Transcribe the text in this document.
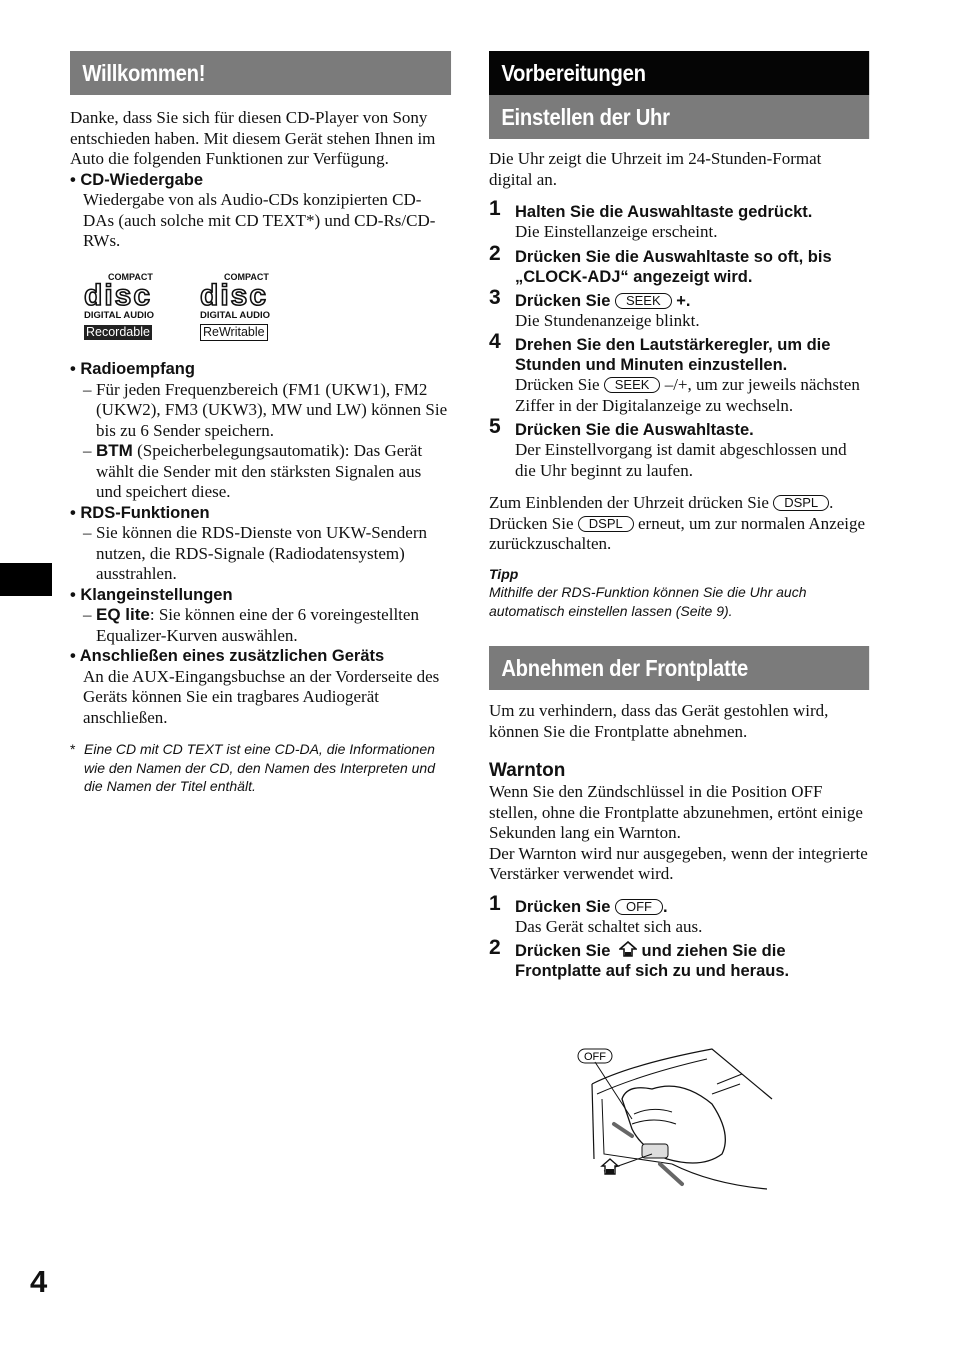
Willkommen!

Danke, dass Sie sich für diesen CD-Player von Sony entschieden haben. Mit diesem Gerät stehen Ihnen im Auto die folgenden Funktionen zur Verfügung.

• CD-Wiedergabe

Wiedergabe von als Audio-CDs konzipierten CD-DAs (auch solche mit CD TEXT*) und CD-Rs/CD-RWs.

COMPACT
disc
DIGITAL AUDIO
Recordable
COMPACT
disc
DIGITAL AUDIO
ReWritable
• Radioempfang

– Für jeden Frequenzbereich (FM1 (UKW1), FM2 (UKW2), FM3 (UKW3), MW und LW) können Sie bis zu 6 Sender speichern.

– BTM (Speicherbelegungsautomatik): Das Gerät wählt die Sender mit den stärksten Signalen aus und speichert diese.

• RDS-Funktionen

– Sie können die RDS-Dienste von UKW-Sendern nutzen, die RDS-Signale (Radiodatensystem) ausstrahlen.

• Klangeinstellungen

– EQ lite: Sie können eine der 6 voreingestellten Equalizer-Kurven auswählen.

• Anschließen eines zusätzlichen Geräts

An die AUX-Eingangsbuchse an der Vorderseite des Geräts können Sie ein tragbares Audiogerät anschließen.

* Eine CD mit CD TEXT ist eine CD-DA, die Informationen wie den Namen der CD, den Namen des Interpreten und die Namen der Titel enthält.
Vorbereitungen
Einstellen der Uhr

Die Uhr zeigt die Uhrzeit im 24-Stunden-Format digital an.

1 Halten Sie die Auswahltaste gedrückt.

Die Einstellanzeige erscheint.

2 Drücken Sie die Auswahltaste so oft, bis „CLOCK-ADJ“ angezeigt wird.
3 Drücken Sie SEEK +.

Die Stundenanzeige blinkt.

4 Drehen Sie den Lautstärkeregler, um die Stunden und Minuten einzustellen.

Drücken Sie SEEK –/+, um zur jeweils nächsten Ziffer in der Digitalanzeige zu wechseln.

5 Drücken Sie die Auswahltaste.

Der Einstellvorgang ist damit abgeschlossen und die Uhr beginnt zu laufen.

Zum Einblenden der Uhrzeit drücken Sie DSPL . Drücken Sie DSPL erneut, um zur normalen Anzeige zurückzuschalten.

Tipp
Mithilfe der RDS-Funktion können Sie die Uhr auch automatisch einstellen lassen (Seite 9).
Abnehmen der Frontplatte

Um zu verhindern, dass das Gerät gestohlen wird, können Sie die Frontplatte abnehmen.

Warnton

Wenn Sie den Zündschlüssel in die Position OFF stellen, ohne die Frontplatte abzunehmen, ertönt einige Sekunden lang ein Warnton.

Der Warnton wird nur ausgegeben, wenn der integrierte Verstärker verwendet wird.

1 Drücken Sie OFF .

Das Gerät schaltet sich aus.

2 Drücken Sie  und ziehen Sie die Frontplatte auf sich zu und heraus.
OFF
4
